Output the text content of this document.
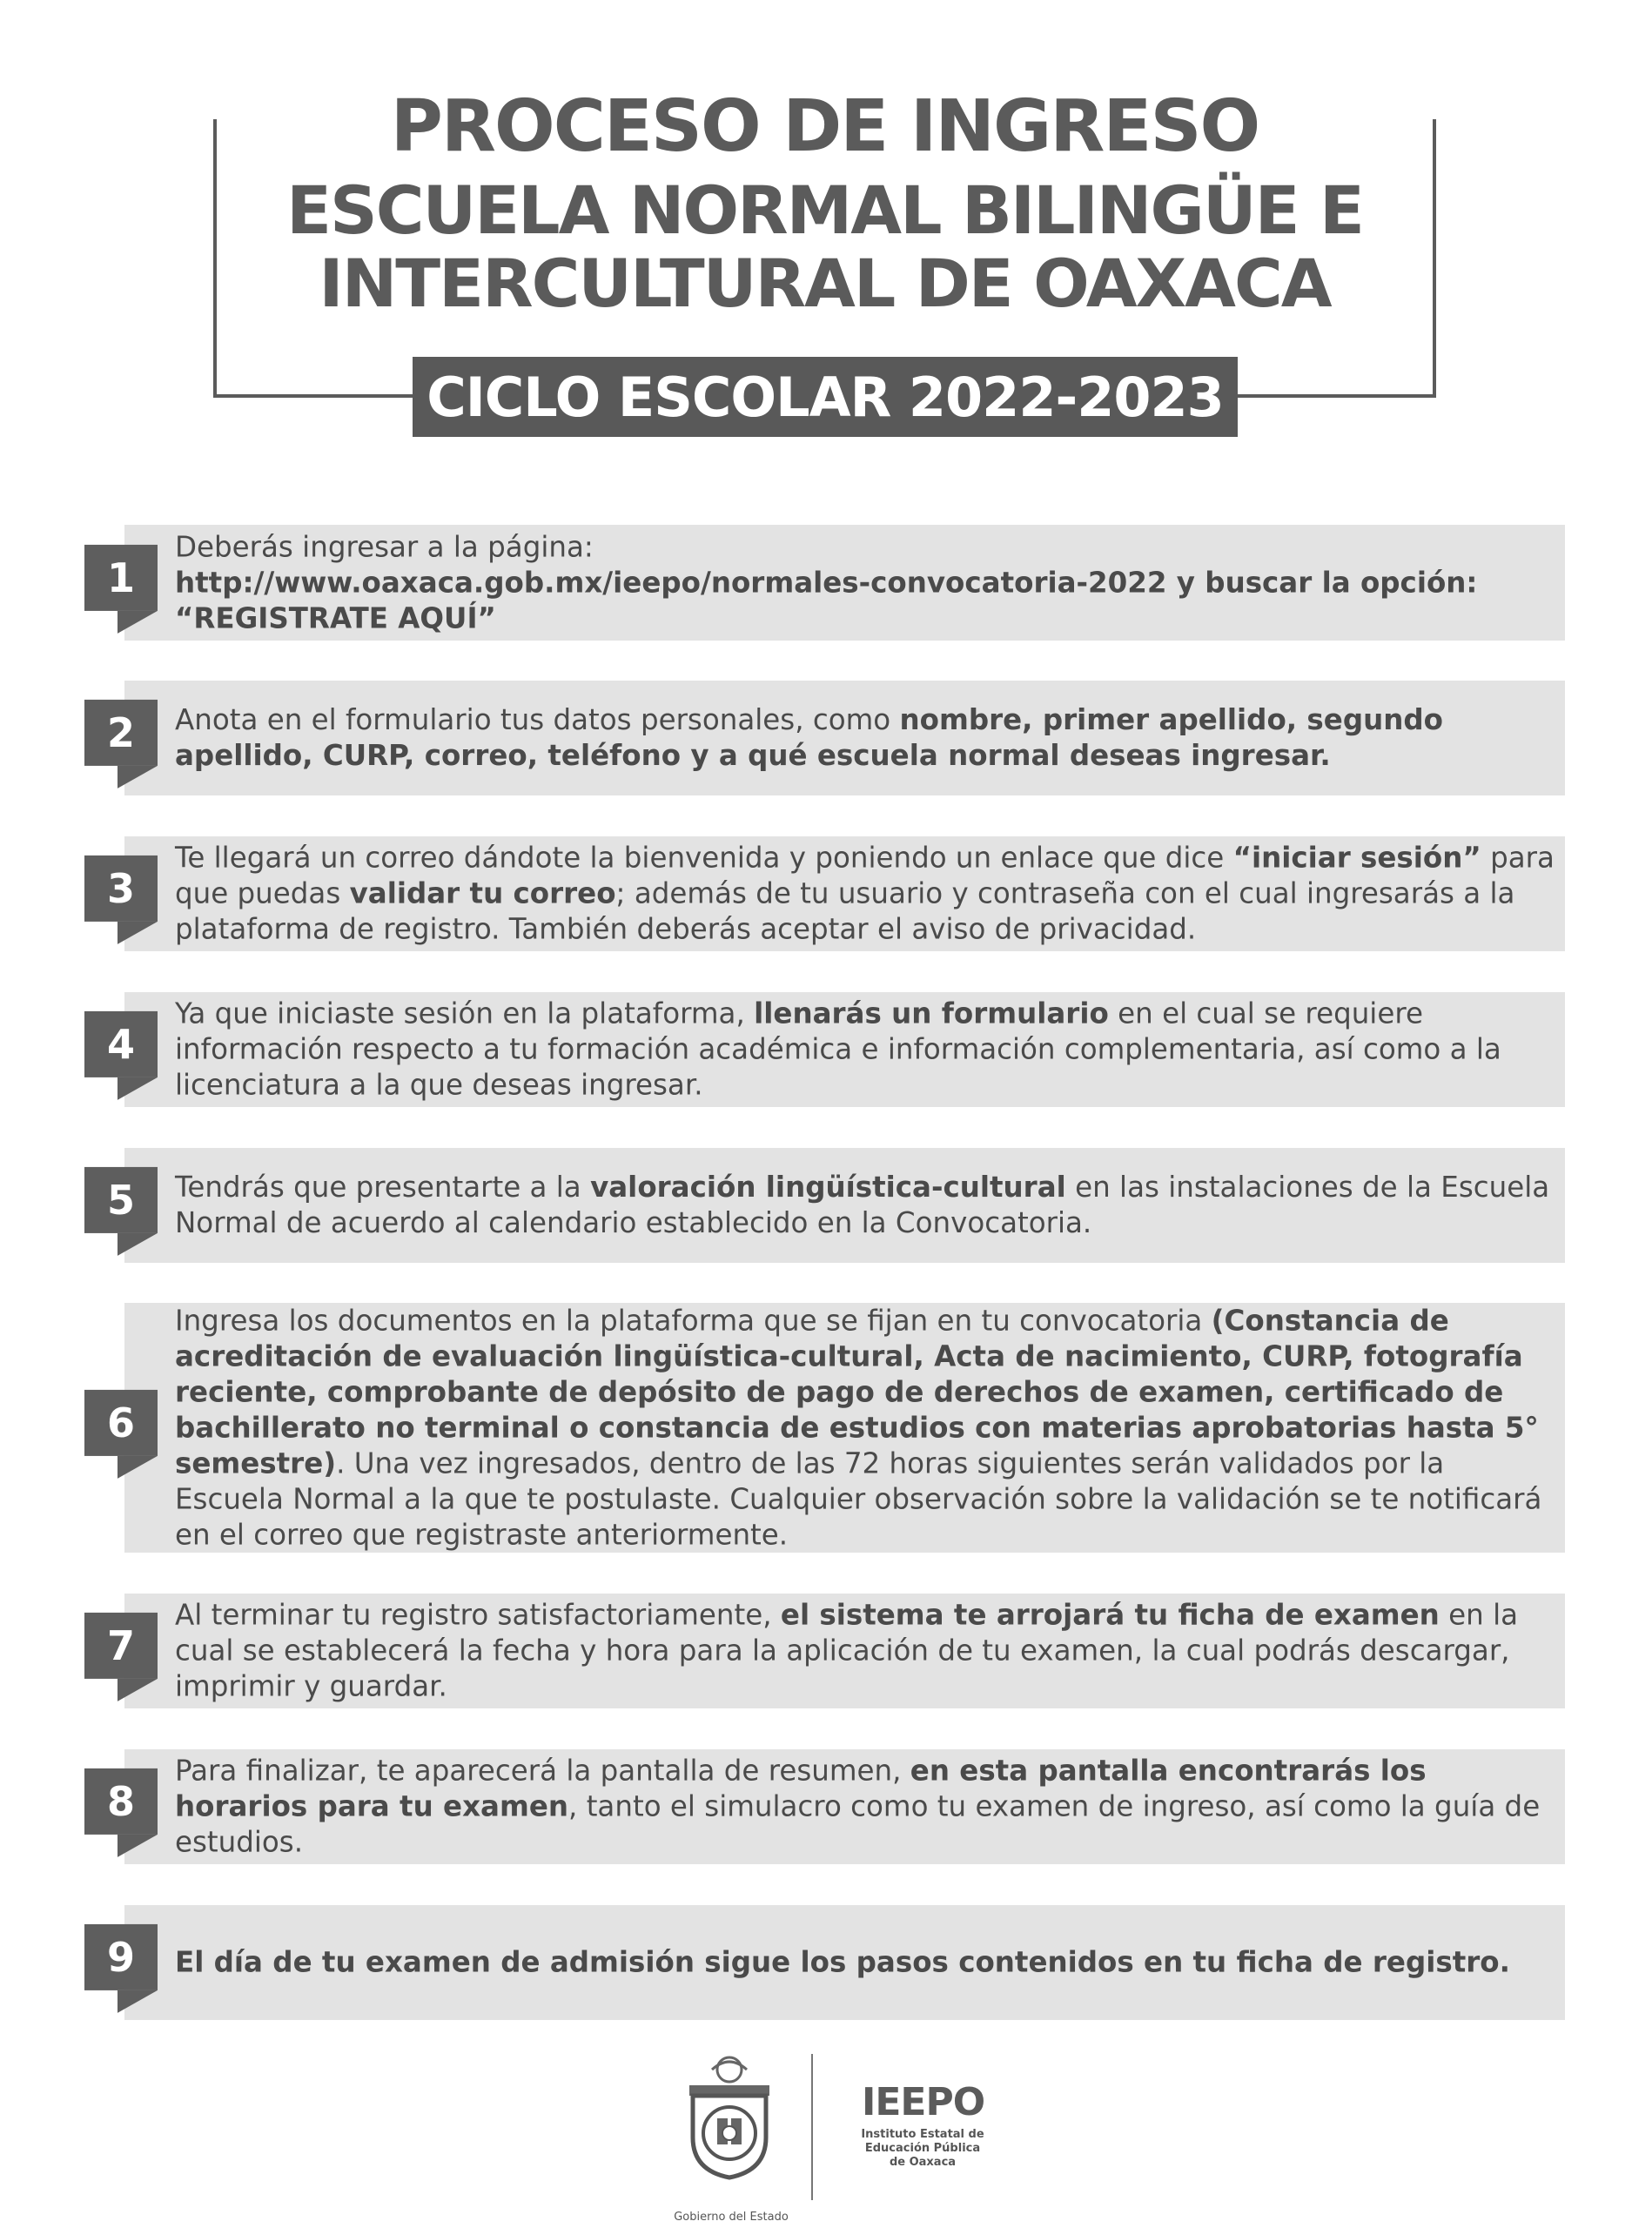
PROCESO DE INGRESO
ESCUELA NORMAL BILINGÜE E
INTERCULTURAL DE OAXACA
CICLO ESCOLAR 2022-2023
1
Deberás ingresar a la página:
http://www.oaxaca.gob.mx/ieepo/normales-convocatoria-2022 y buscar la opción:
“REGISTRATE AQUÍ”
2	Anota en el formulario tus datos personales, como nombre, primer apellido, segundo apellido, CURP, correo, teléfono y a qué escuela normal deseas ingresar.
3
Te llegará un correo dándote la bienvenida y poniendo un enlace que dice “iniciar sesión” para que puedas validar tu correo; además de tu usuario y contraseña con el cual ingresarás a la plataforma de registro. También deberás aceptar el aviso de privacidad.
4
Ya que iniciaste sesión en la plataforma, llenarás un formulario en el cual se requiere información respecto a tu formación académica e información complementaria, así como a la licenciatura a la que deseas ingresar.
5	Tendrás que presentarte a la valoración lingüística-cultural en las instalaciones de la Escuela Normal de acuerdo al calendario establecido en la Convocatoria.
6
Ingresa los documentos en la plataforma que se fijan en tu convocatoria (Constancia de acreditación de evaluación lingüística-cultural, Acta de nacimiento, CURP, fotografía reciente, comprobante de depósito de pago de derechos de examen, certificado de bachillerato no terminal o constancia de estudios con materias aprobatorias hasta 5° semestre). Una vez ingresados, dentro de las 72 horas siguientes serán validados por la Escuela Normal a la que te postulaste. Cualquier observación sobre la validación se te notificará en el correo que registraste anteriormente.
7
Al terminar tu registro satisfactoriamente, el sistema te arrojará tu ficha de examen en la cual se establecerá la fecha y hora para la aplicación de tu examen, la cual podrás descargar, imprimir y guardar.
8
Para finalizar, te aparecerá la pantalla de resumen, en esta pantalla encontrarás los horarios para tu examen, tanto el simulacro como tu examen de ingreso, así como la guía de estudios.
9	El día de tu examen de admisión sigue los pasos contenidos en tu ficha de registro.
Gobierno del Estado
IEEPO
Instituto Estatal de Educación Pública de Oaxaca
